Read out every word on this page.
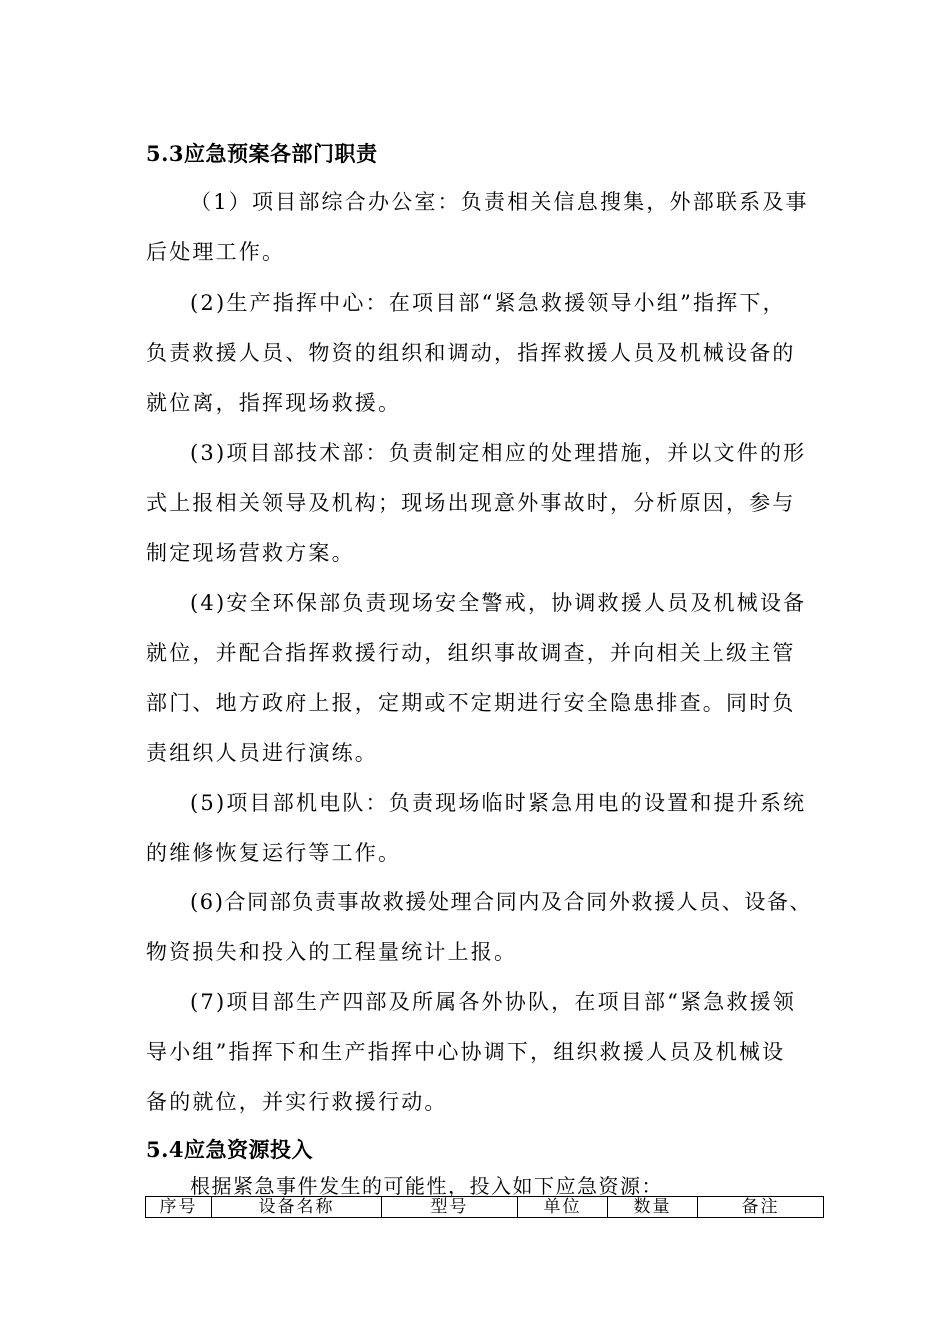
5.3应急预案各部门职责

（1）项目部综合办公室：负责相关信息搜集，外部联系及事

后处理工作。

(2)生产指挥中心：在项目部“紧急救援领导小组”指挥下，

负责救援人员、物资的组织和调动，指挥救援人员及机械设备的

就位离，指挥现场救援。

(3)项目部技术部：负责制定相应的处理措施，并以文件的形

式上报相关领导及机构；现场出现意外事故时，分析原因，参与

制定现场营救方案。

(4)安全环保部负责现场安全警戒，协调救援人员及机械设备

就位，并配合指挥救援行动，组织事故调查，并向相关上级主管

部门、地方政府上报，定期或不定期进行安全隐患排查。同时负

责组织人员进行演练。

(5)项目部机电队：负责现场临时紧急用电的设置和提升系统

的维修恢复运行等工作。

(6)合同部负责事故救援处理合同内及合同外救援人员、设备、

物资损失和投入的工程量统计上报。

(7)项目部生产四部及所属各外协队，在项目部“紧急救援领

导小组”指挥下和生产指挥中心协调下，组织救援人员及机械设

备的就位，并实行救援行动。

5.4应急资源投入
根据紧急事件发生的可能性，投入如下应急资源：
序号	设备名称	型号	单位	数量	备注
